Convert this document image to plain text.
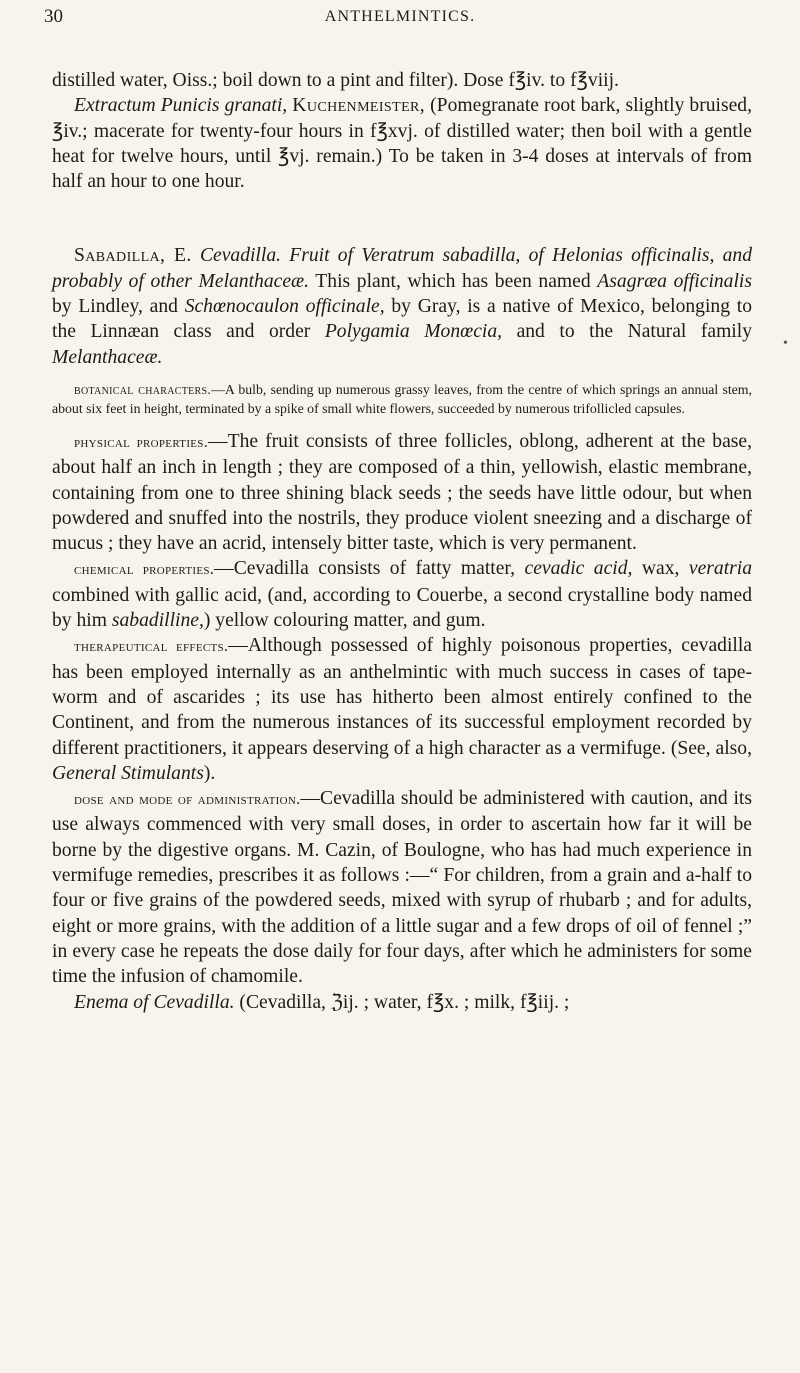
30	ANTHELMINTICS.
•

distilled water, Oiss.; boil down to a pint and filter). Dose f℥iv. to f℥viij.

Extractum Punicis granati, Kuchenmeister, (Pomegranate root bark, slightly bruised, ℥iv.; macerate for twenty-four hours in f℥xvj. of distilled water; then boil with a gentle heat for twelve hours, until ℥vj. remain.) To be taken in 3-4 doses at intervals of from half an hour to one hour.

Sabadilla, E. Cevadilla. Fruit of Veratrum sabadilla, of Helonias officinalis, and probably of other Melanthaceæ. This plant, which has been named Asagræa officinalis by Lindley, and Schœnocaulon officinale, by Gray, is a native of Mexico, belonging to the Linnæan class and order Polygamia Monœcia, and to the Natural family Melanthaceæ.

botanical characters.—A bulb, sending up numerous grassy leaves, from the centre of which springs an annual stem, about six feet in height, terminated by a spike of small white flowers, succeeded by numerous trifollicled capsules.

physical properties.—The fruit consists of three follicles, oblong, adherent at the base, about half an inch in length ; they are composed of a thin, yellowish, elastic membrane, containing from one to three shining black seeds ; the seeds have little odour, but when powdered and snuffed into the nostrils, they produce violent sneezing and a discharge of mucus ; they have an acrid, intensely bitter taste, which is very permanent.

chemical properties.—Cevadilla consists of fatty matter, cevadic acid, wax, veratria combined with gallic acid, (and, according to Couerbe, a second crystalline body named by him sabadilline,) yellow colouring matter, and gum.

therapeutical effects.—Although possessed of highly poisonous properties, cevadilla has been employed internally as an anthelmintic with much success in cases of tape-worm and of ascarides ; its use has hitherto been almost entirely confined to the Continent, and from the numerous instances of its successful employment recorded by different practitioners, it appears deserving of a high character as a vermifuge. (See, also, General Stimulants).

dose and mode of administration.—Cevadilla should be administered with caution, and its use always commenced with very small doses, in order to ascertain how far it will be borne by the digestive organs. M. Cazin, of Boulogne, who has had much experience in vermifuge remedies, prescribes it as follows :—“ For children, from a grain and a-half to four or five grains of the powdered seeds, mixed with syrup of rhubarb ; and for adults, eight or more grains, with the addition of a little sugar and a few drops of oil of fennel ;” in every case he repeats the dose daily for four days, after which he administers for some time the infusion of chamomile.

Enema of Cevadilla. (Cevadilla, ℨij. ; water, f℥x. ; milk, f℥iij. ;
